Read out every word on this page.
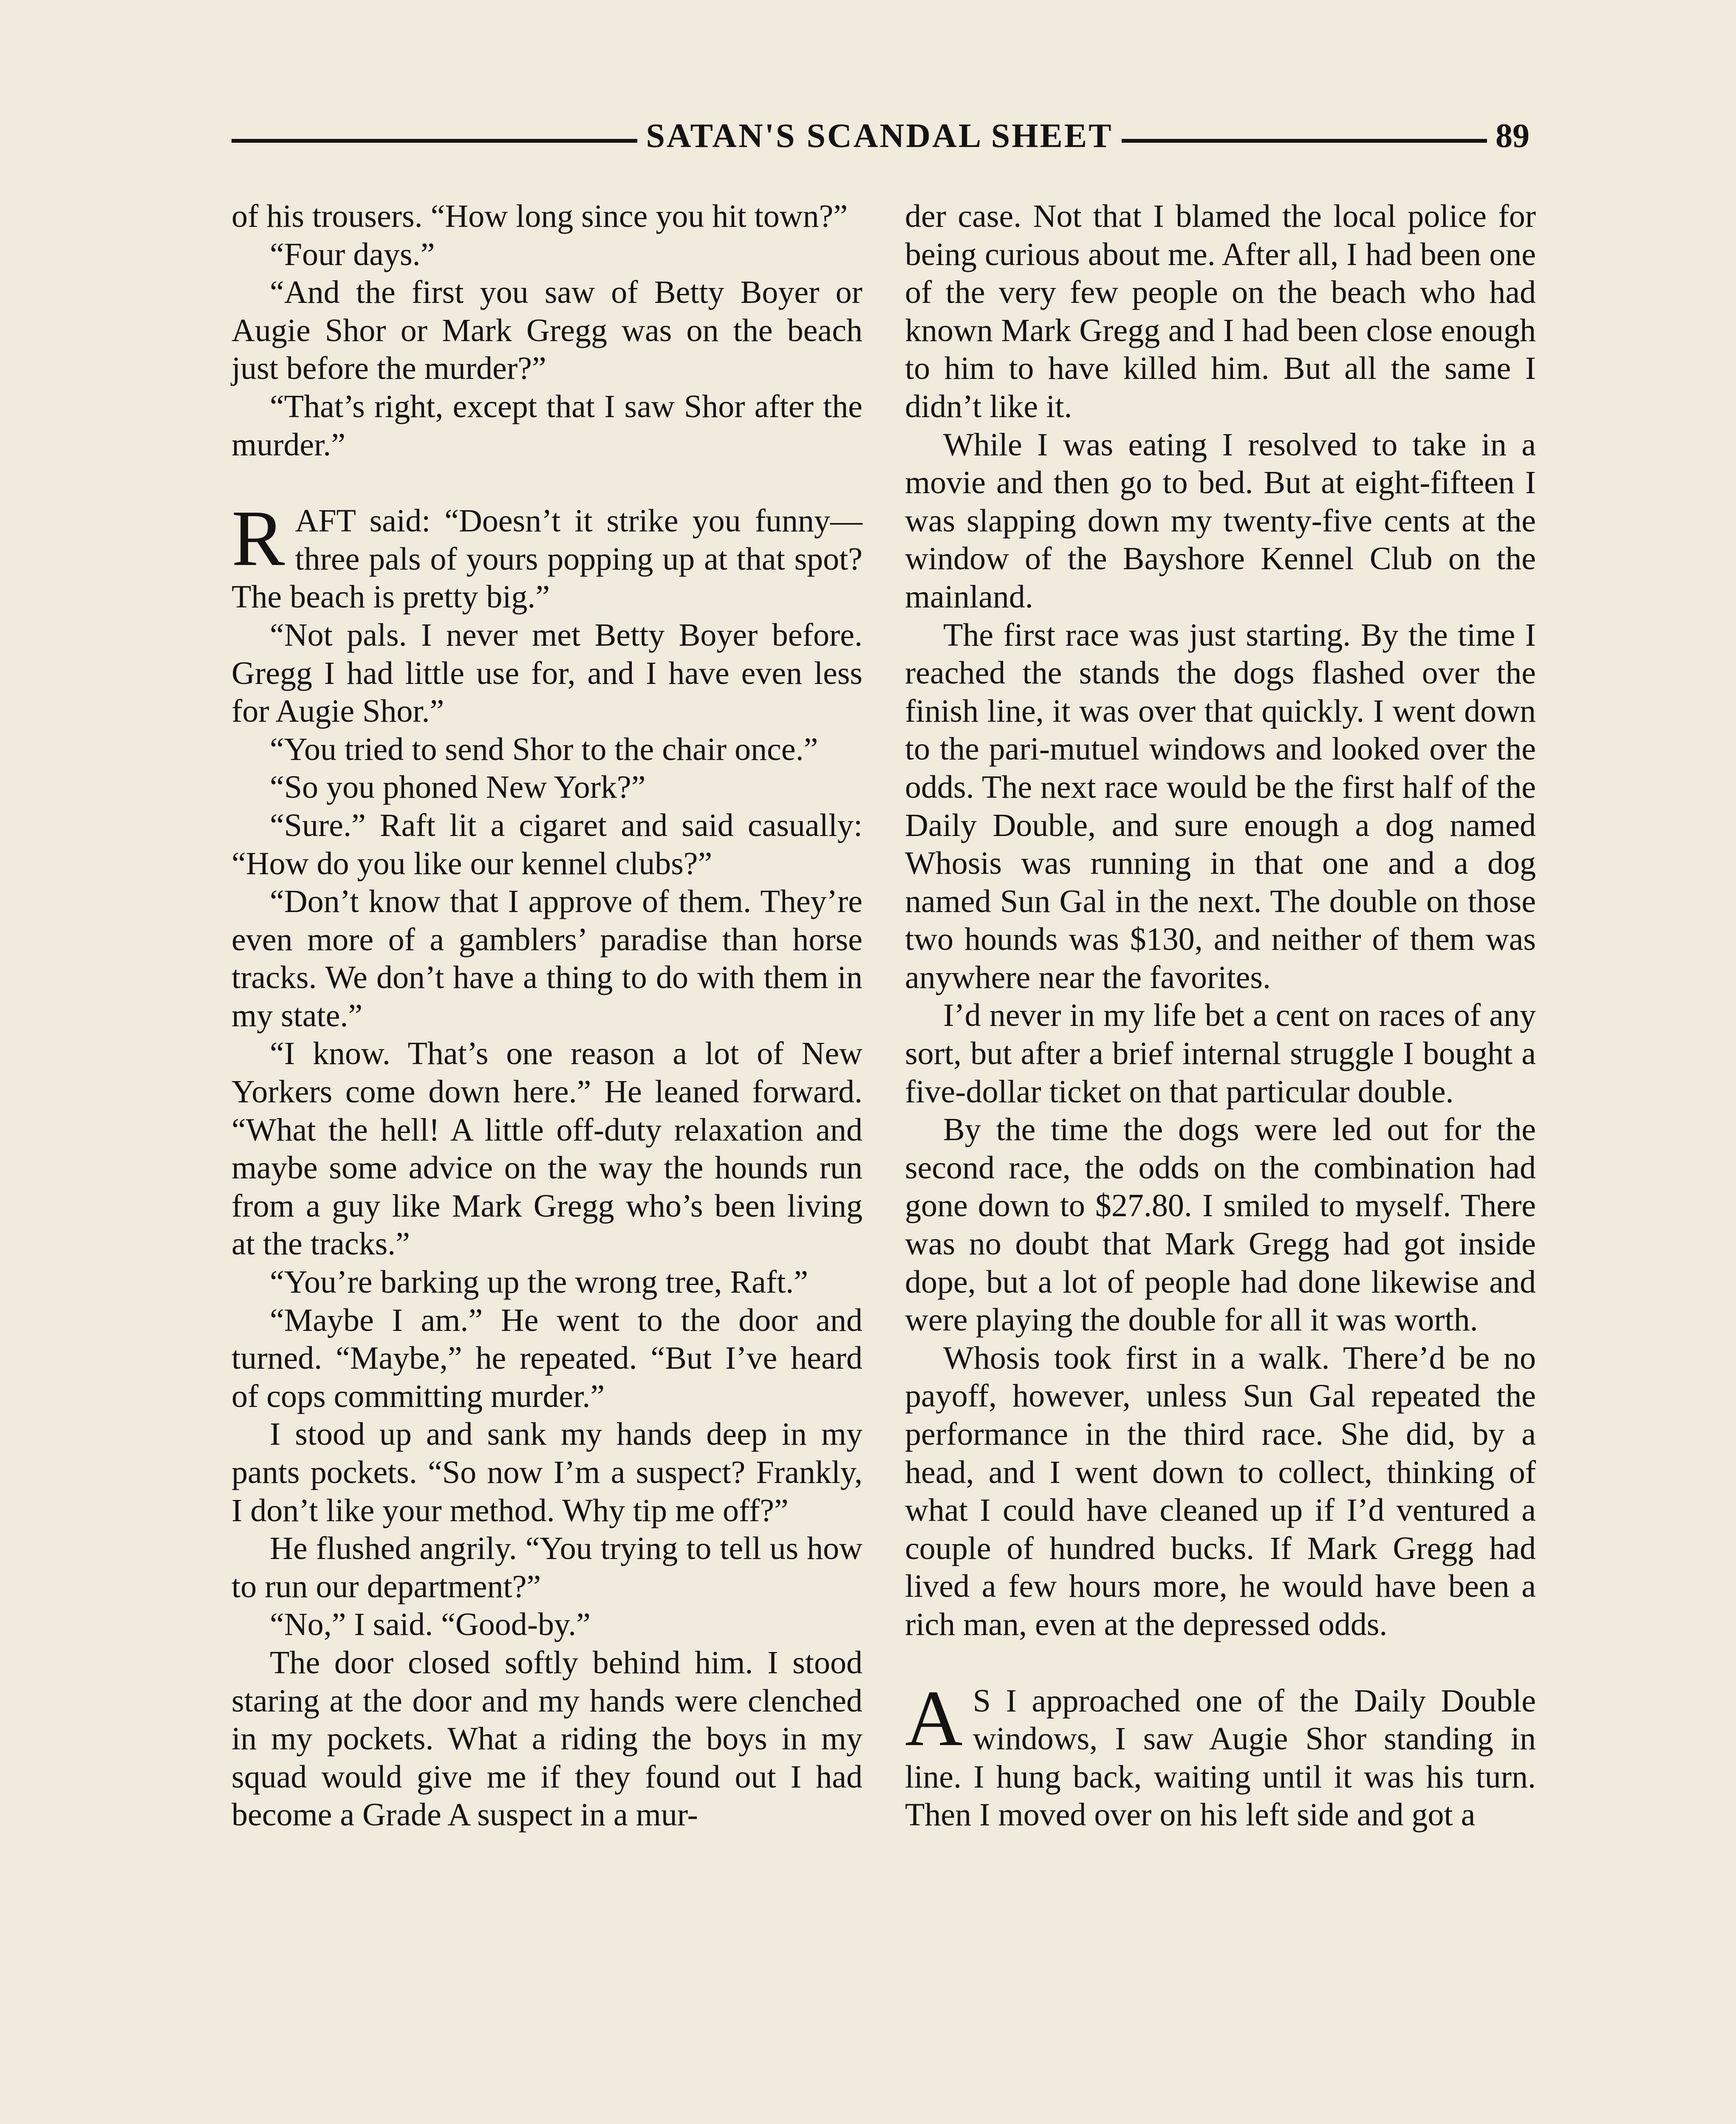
SATAN'S SCANDAL SHEET	89

of his trousers. “How long since you hit town?”

“Four days.”

“And the first you saw of Betty Boyer or Augie Shor or Mark Gregg was on the beach just before the murder?”

“That’s right, except that I saw Shor after the murder.”

RAFT said: “Doesn’t it strike you funny—three pals of yours popping up at that spot? The beach is pretty big.”

“Not pals. I never met Betty Boyer before. Gregg I had little use for, and I have even less for Augie Shor.”

“You tried to send Shor to the chair once.”

“So you phoned New York?”

“Sure.” Raft lit a cigaret and said casually: “How do you like our kennel clubs?”

“Don’t know that I approve of them. They’re even more of a gamblers’ paradise than horse tracks. We don’t have a thing to do with them in my state.”

“I know. That’s one reason a lot of New Yorkers come down here.” He leaned forward. “What the hell! A little off-duty relaxation and maybe some advice on the way the hounds run from a guy like Mark Gregg who’s been living at the tracks.”

“You’re barking up the wrong tree, Raft.”

“Maybe I am.” He went to the door and turned. “Maybe,” he repeated. “But I’ve heard of cops committing murder.”

I stood up and sank my hands deep in my pants pockets. “So now I’m a suspect? Frankly, I don’t like your method. Why tip me off?”

He flushed angrily. “You trying to tell us how to run our department?”

“No,” I said. “Good-by.”

The door closed softly behind him. I stood staring at the door and my hands were clenched in my pockets. What a riding the boys in my squad would give me if they found out I had become a Grade A suspect in a mur-

der case. Not that I blamed the local police for being curious about me. After all, I had been one of the very few people on the beach who had known Mark Gregg and I had been close enough to him to have killed him. But all the same I didn’t like it.

While I was eating I resolved to take in a movie and then go to bed. But at eight-fifteen I was slapping down my twenty-five cents at the window of the Bayshore Kennel Club on the mainland.

The first race was just starting. By the time I reached the stands the dogs flashed over the finish line, it was over that quickly. I went down to the pari-mutuel windows and looked over the odds. The next race would be the first half of the Daily Double, and sure enough a dog named Whosis was running in that one and a dog named Sun Gal in the next. The double on those two hounds was $130, and neither of them was anywhere near the favorites.

I’d never in my life bet a cent on races of any sort, but after a brief internal struggle I bought a five-dollar ticket on that particular double.

By the time the dogs were led out for the second race, the odds on the combination had gone down to $27.80. I smiled to myself. There was no doubt that Mark Gregg had got inside dope, but a lot of people had done likewise and were playing the double for all it was worth.

Whosis took first in a walk. There’d be no payoff, however, unless Sun Gal repeated the performance in the third race. She did, by a head, and I went down to collect, thinking of what I could have cleaned up if I’d ventured a couple of hundred bucks. If Mark Gregg had lived a few hours more, he would have been a rich man, even at the depressed odds.

A S I approached one of the Daily Double windows, I saw Augie Shor standing in line. I hung back, waiting until it was his turn. Then I moved over on his left side and got a
